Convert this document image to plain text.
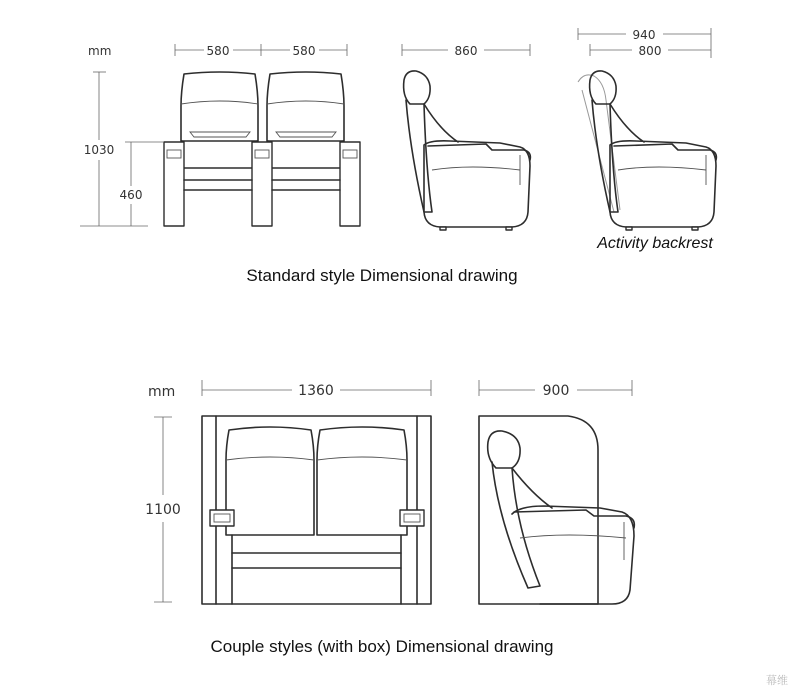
mm	580	580
1030
460
860
940
800
Activity backrest
Standard style Dimensional drawing
mm	1360
1100
900
Couple styles (with box) Dimensional drawing
幕维
